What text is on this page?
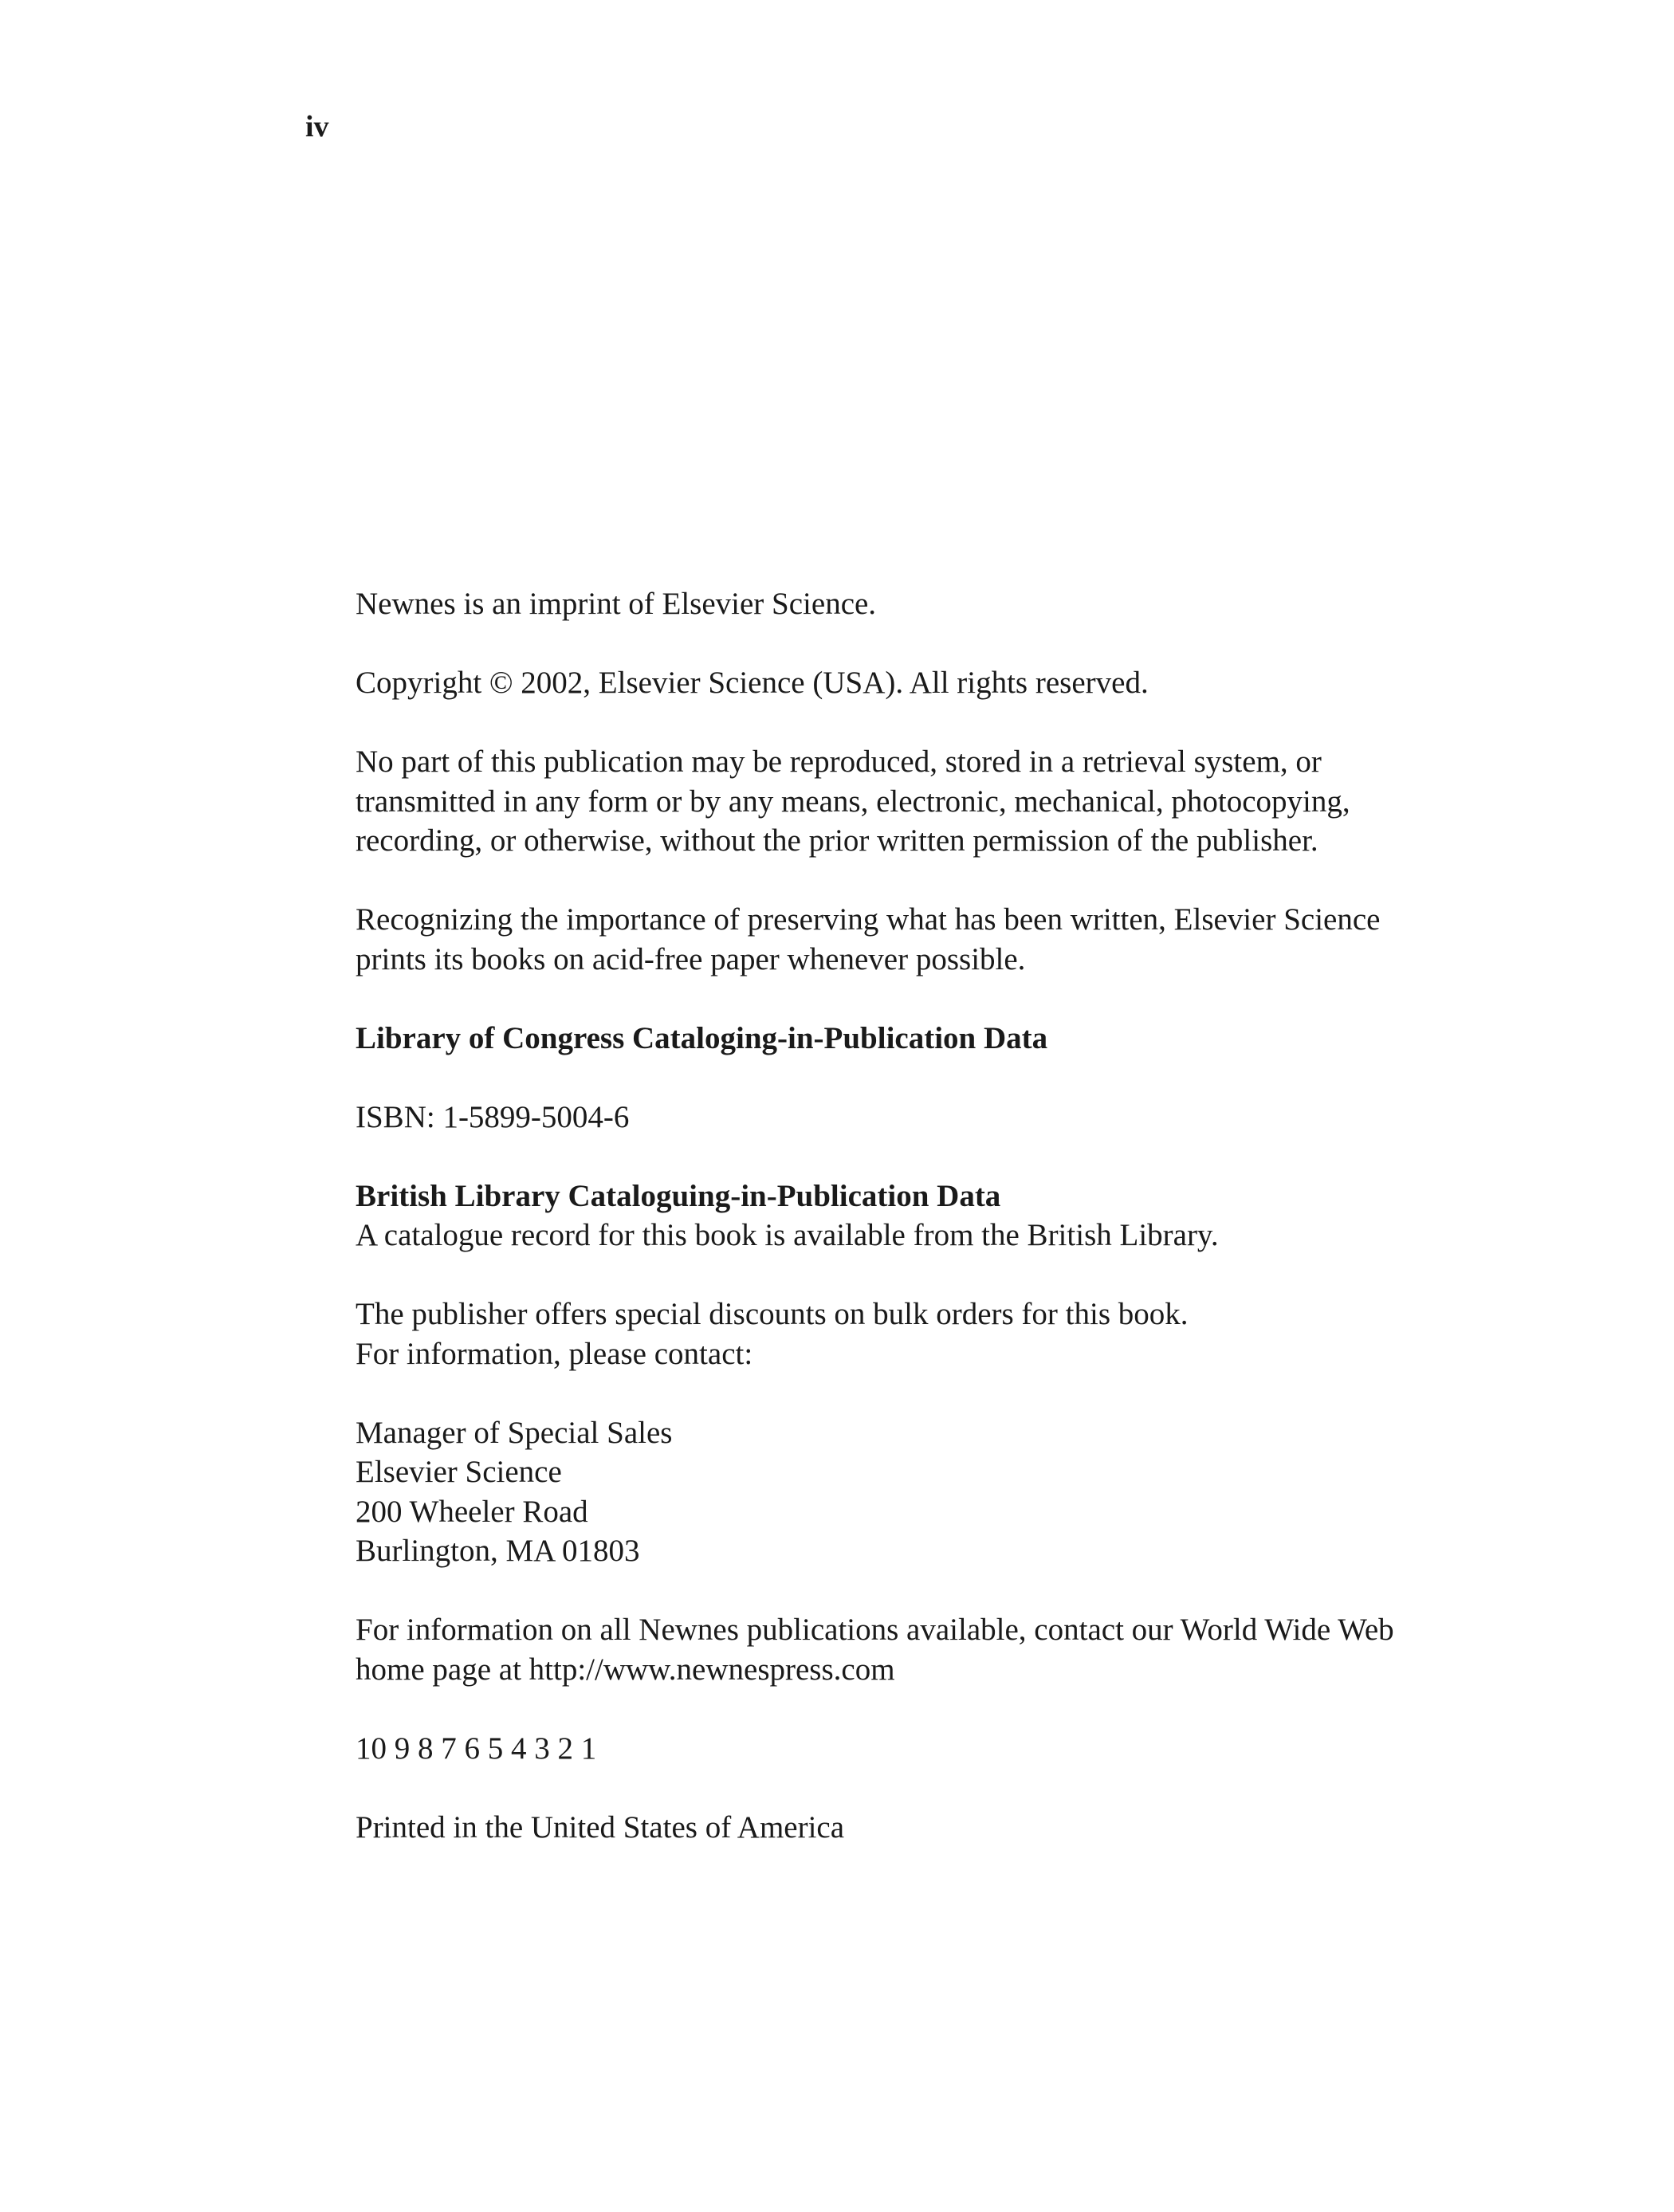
iv

Newnes is an imprint of Elsevier Science.

Copyright © 2002, Elsevier Science (USA). All rights reserved.

No part of this publication may be reproduced, stored in a retrieval system, or
transmitted in any form or by any means, electronic, mechanical, photocopying,
recording, or otherwise, without the prior written permission of the publisher.

Recognizing the importance of preserving what has been written, Elsevier Science
prints its books on acid-free paper whenever possible.

Library of Congress Cataloging-in-Publication Data

ISBN: 1-5899-5004-6

British Library Cataloguing-in-Publication Data
A catalogue record for this book is available from the British Library.

The publisher offers special discounts on bulk orders for this book.
For information, please contact:

Manager of Special Sales
Elsevier Science
200 Wheeler Road
Burlington, MA 01803

For information on all Newnes publications available, contact our World Wide Web
home page at http://www.newnespress.com

10 9 8 7 6 5 4 3 2 1

Printed in the United States of America
